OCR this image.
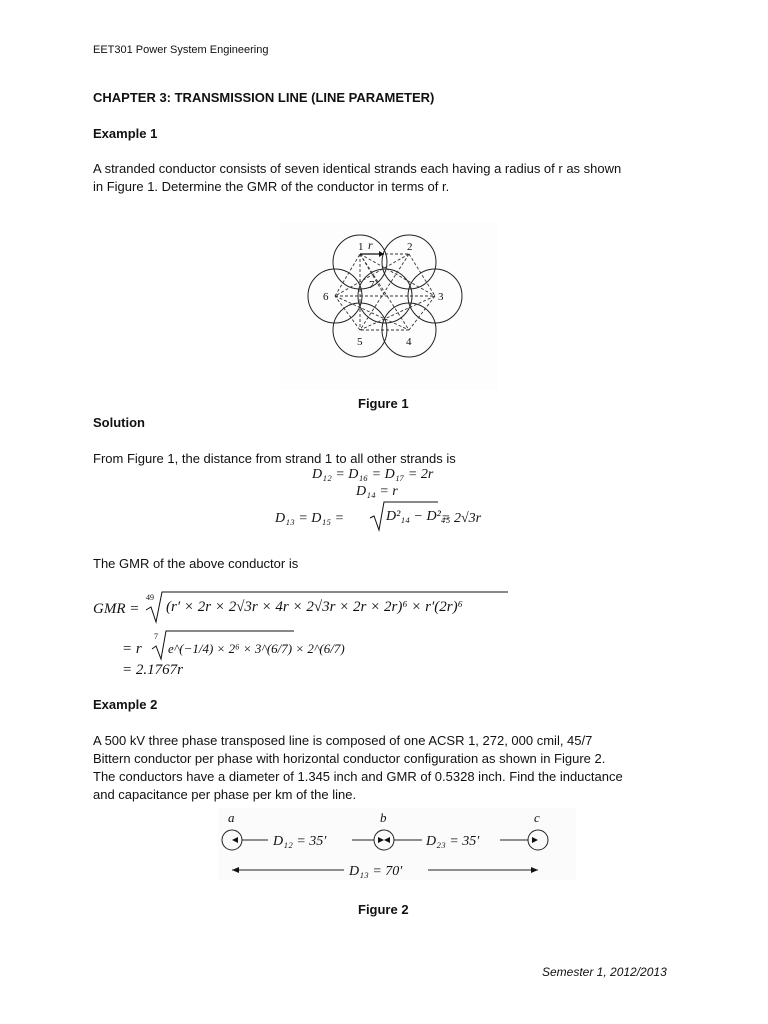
EET301 Power System Engineering
CHAPTER 3: TRANSMISSION LINE (LINE PARAMETER)
Example 1
A stranded conductor consists of seven identical strands each having a radius of r as shown
in Figure 1. Determine the GMR of the conductor in terms of r.
1 r	2
3
4
5
6
7
Figure 1
Solution
From Figure 1, the distance from strand 1 to all other strands is
D₁₂ = D₁₆ = D₁₇ = 2r
D₁₄ = r
D₁₃ = D₁₅ =	D²₁₄ − D²₄₅
= 2√3r
The GMR of the above conductor is
GMR =
49
(r′ × 2r × 2√3r × 4r × 2√3r × 2r × 2r)⁶ × r′(2r)⁶
= r
7
e^(−1/4) × 2⁶ × 3^(6/7) × 2^(6/7)
= 2.1767r
Example 2
A 500 kV three phase transposed line is composed of one ACSR 1, 272, 000 cmil, 45/7
Bittern conductor per phase with horizontal conductor configuration as shown in Figure 2.
The conductors have a diameter of 1.345 inch and GMR of 0.5328 inch. Find the inductance
and capacitance per phase per km of the line.
a	b	c
D₁₂ = 35′	D₂₃ = 35′
D₁₃ = 70′
Figure 2
Semester 1, 2012/2013
